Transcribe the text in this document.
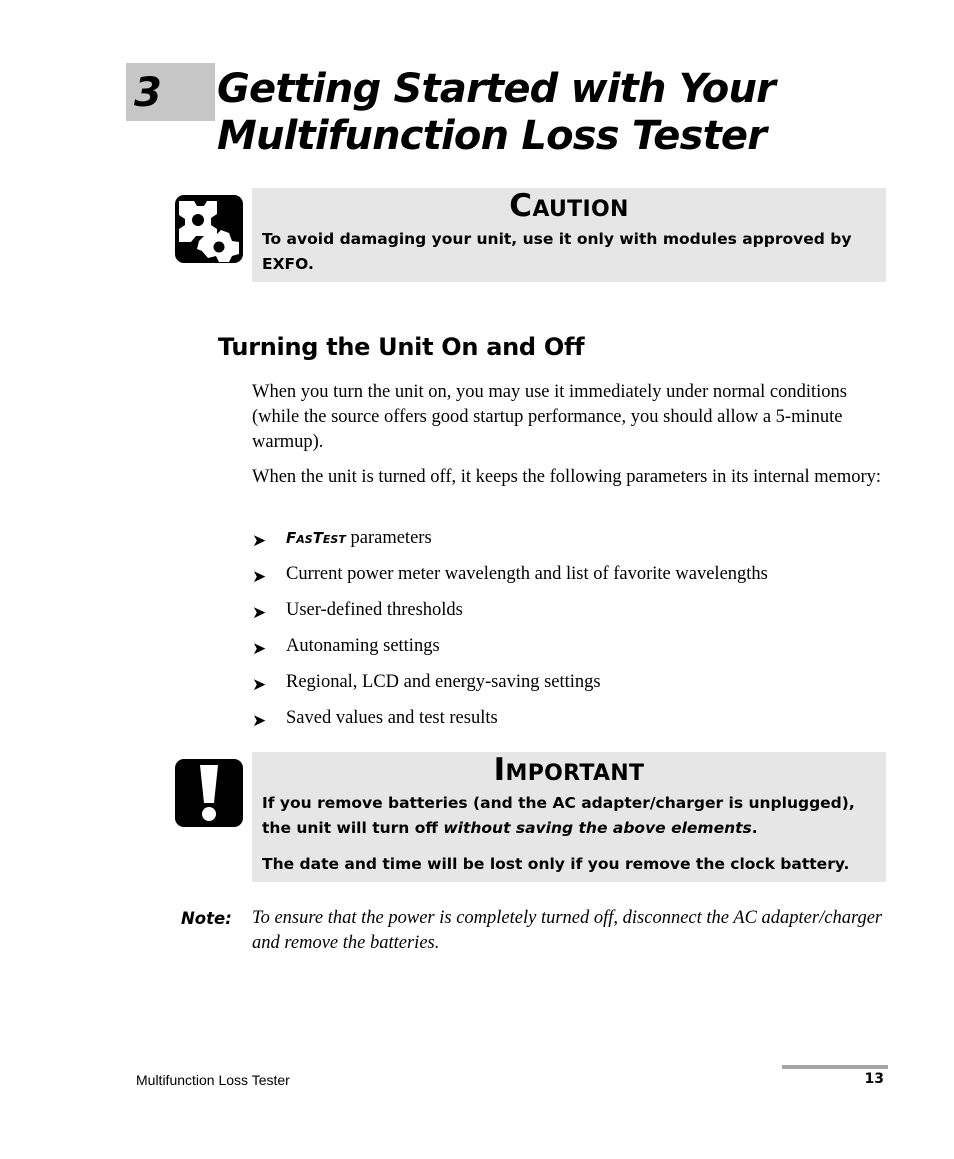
3 Getting Started with Your
Multifunction Loss Tester
CAUTION

To avoid damaging your unit, use it only with modules approved by EXFO.

Turning the Unit On and Off
When you turn the unit on, you may use it immediately under normal conditions (while the source offers good startup performance, you should allow a 5-minute warmup).
When the unit is turned off, it keeps the following parameters in its internal memory:
➤ FASTEST parameters
➤ Current power meter wavelength and list of favorite wavelengths
➤ User-defined thresholds
➤ Autonaming settings
➤ Regional, LCD and energy-saving settings
➤ Saved values and test results
IMPORTANT

If you remove batteries (and the AC adapter/charger is unplugged), the unit will turn off without saving the above elements.

The date and time will be lost only if you remove the clock battery.

Note: To ensure that the power is completely turned off, disconnect the AC adapter/charger and remove the batteries.
Multifunction Loss Tester	13
